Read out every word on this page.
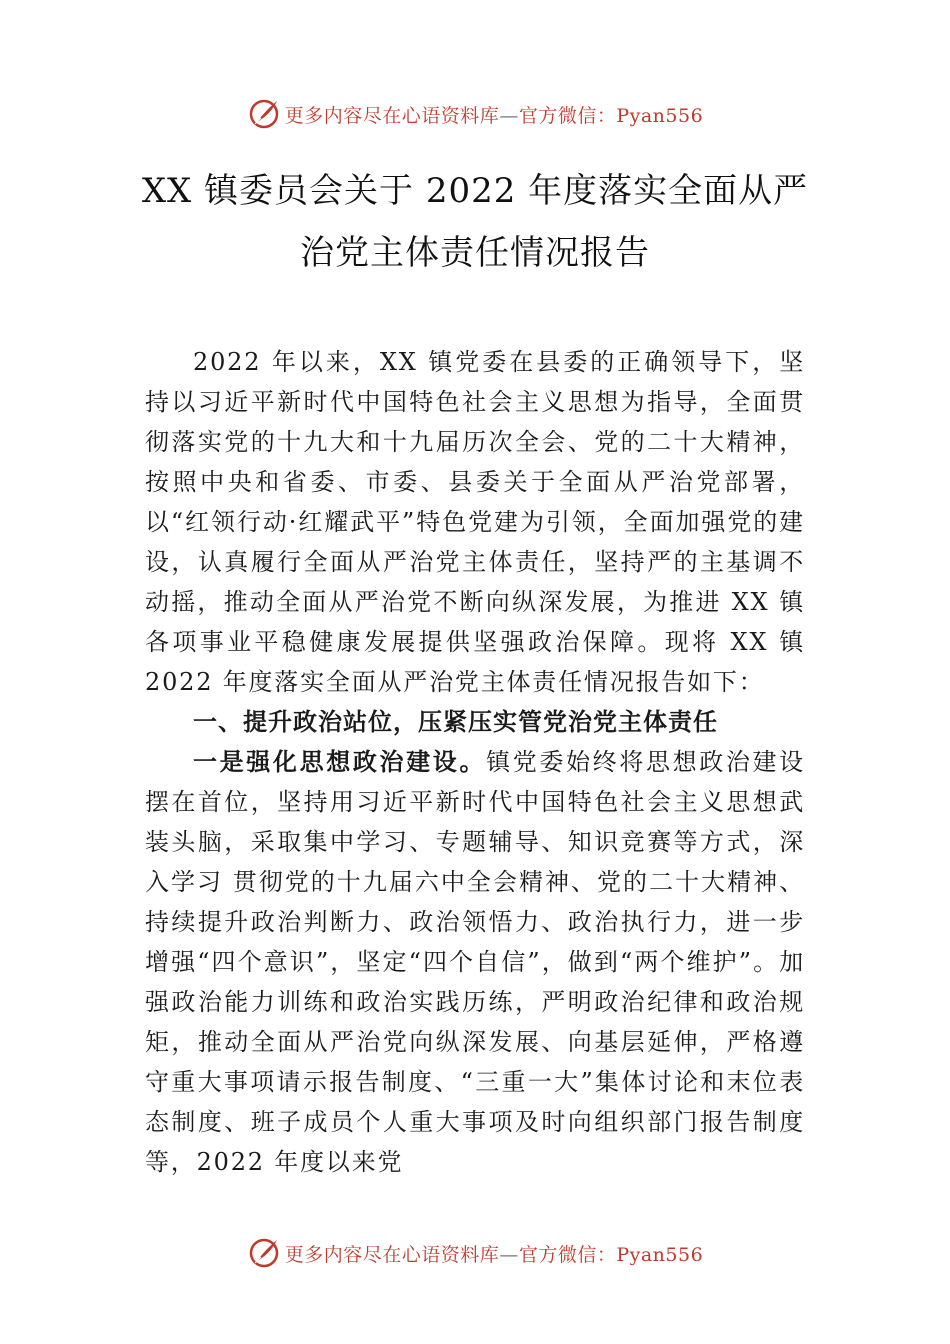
更多内容尽在心语资料库—官方微信：Pyan556
XX 镇委员会关于 2022 年度落实全面从严
治党主体责任情况报告

2022 年以来，XX 镇党委在县委的正确领导下，坚持以习近平新时代中国特色社会主义思想为指导，全面贯彻落实党的十九大和十九届历次全会、党的二十大精神，按照中央和省委、市委、县委关于全面从严治党部署，以“红领行动·红耀武平”特色党建为引领，全面加强党的建设，认真履行全面从严治党主体责任，坚持严的主基调不动摇，推动全面从严治党不断向纵深发展，为推进 XX 镇各项事业平稳健康发展提供坚强政治保障。现将 XX 镇 2022 年度落实全面从严治党主体责任情况报告如下：

一、提升政治站位，压紧压实管党治党主体责任

一是强化思想政治建设。镇党委始终将思想政治建设摆在首位，坚持用习近平新时代中国特色社会主义思想武装头脑，采取集中学习、专题辅导、知识竞赛等方式，深入学习 贯彻党的十九届六中全会精神、党的二十大精神、持续提升政治判断力、政治领悟力、政治执行力，进一步增强“四个意识”，坚定“四个自信”，做到“两个维护”。加强政治能力训练和政治实践历练，严明政治纪律和政治规矩，推动全面从严治党向纵深发展、向基层延伸，严格遵守重大事项请示报告制度、“三重一大”集体讨论和末位表态制度、班子成员个人重大事项及时向组织部门报告制度等，2022 年度以来党

更多内容尽在心语资料库—官方微信：Pyan556
